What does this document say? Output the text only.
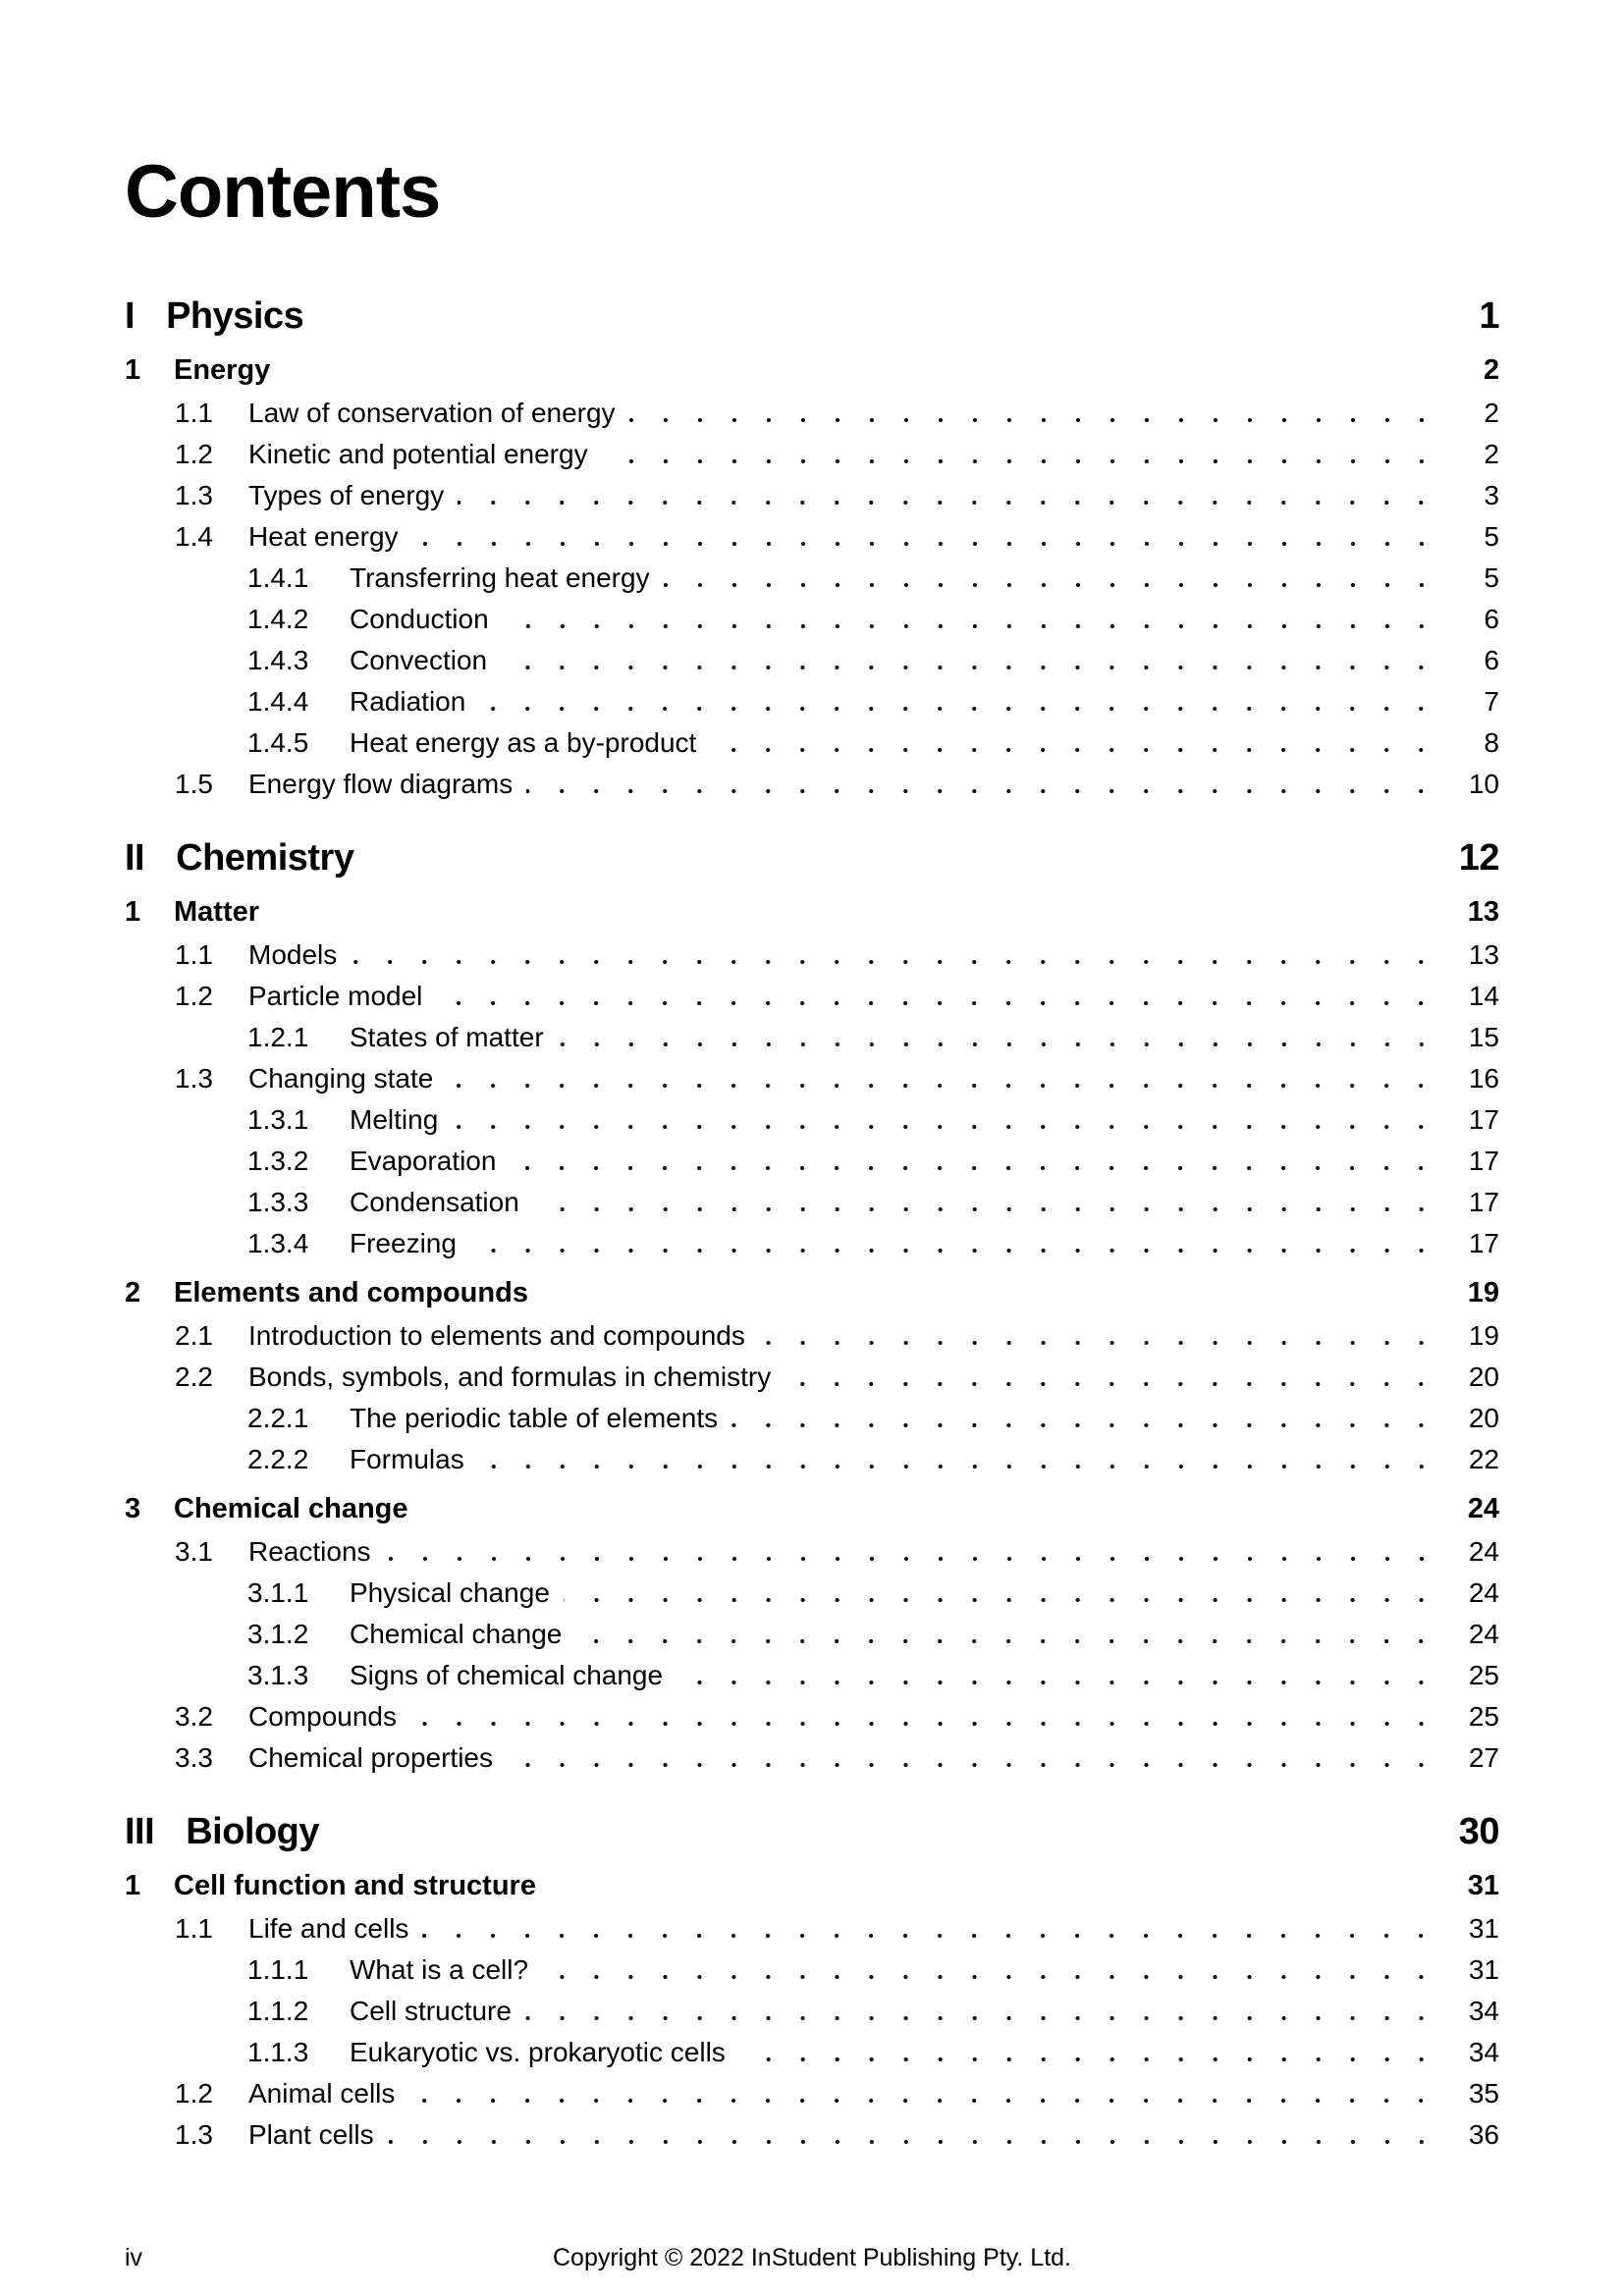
Contents
I Physics	1
1	Energy	2
1.1	Law of conservation of energy	2
1.2	Kinetic and potential energy	2
1.3	Types of energy	3
1.4	Heat energy	5
1.4.1	Transferring heat energy	5
1.4.2	Conduction	6
1.4.3	Convection	6
1.4.4	Radiation	7
1.4.5	Heat energy as a by-product	8
1.5	Energy flow diagrams	10
II Chemistry	12
1	Matter	13
1.1	Models	13
1.2	Particle model	14
1.2.1	States of matter	15
1.3	Changing state	16
1.3.1	Melting	17
1.3.2	Evaporation	17
1.3.3	Condensation	17
1.3.4	Freezing	17
2	Elements and compounds	19
2.1	Introduction to elements and compounds	19
2.2	Bonds, symbols, and formulas in chemistry	20
2.2.1	The periodic table of elements	20
2.2.2	Formulas	22
3	Chemical change	24
3.1	Reactions	24
3.1.1	Physical change	24
3.1.2	Chemical change	24
3.1.3	Signs of chemical change	25
3.2	Compounds	25
3.3	Chemical properties	27
III Biology	30
1	Cell function and structure	31
1.1	Life and cells	31
1.1.1	What is a cell?	31
1.1.2	Cell structure	34
1.1.3	Eukaryotic vs. prokaryotic cells	34
1.2	Animal cells	35
1.3	Plant cells	36
iv	Copyright © 2022 InStudent Publishing Pty. Ltd.
